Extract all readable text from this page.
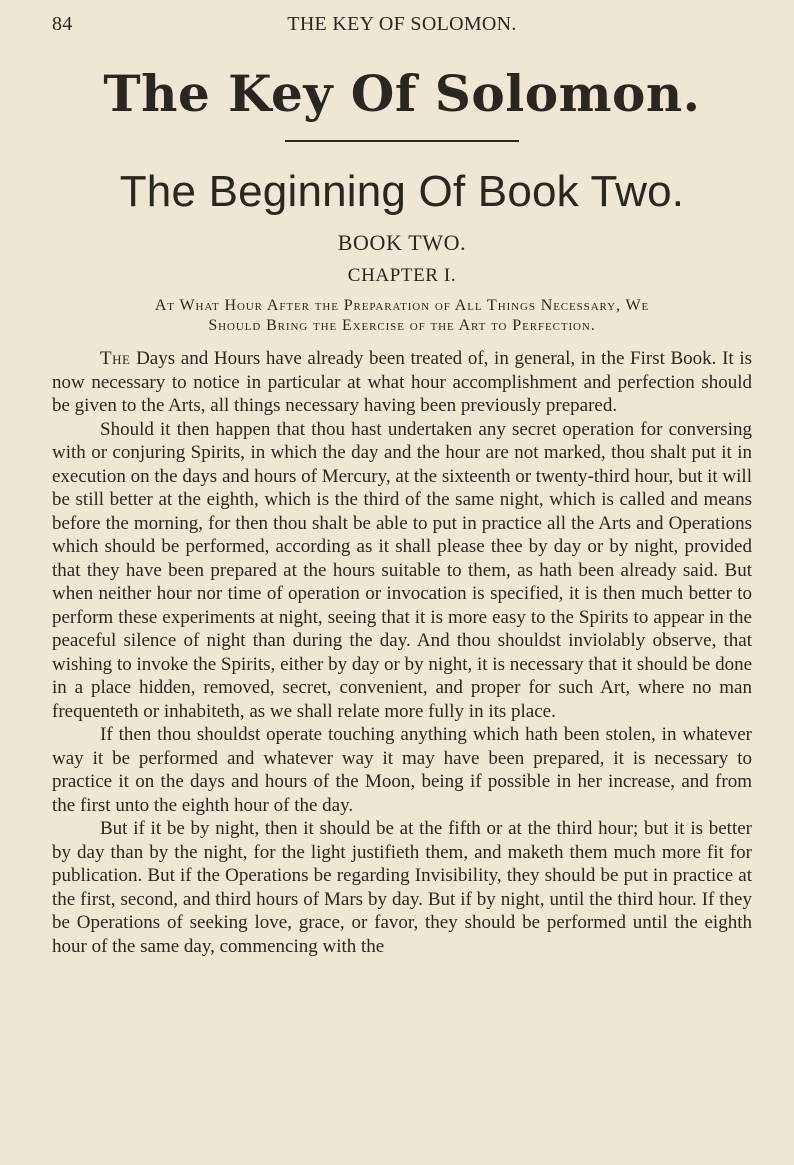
84	THE KEY OF SOLOMON.
The Key Of Solomon.
The Beginning Of Book Two.
BOOK TWO.
CHAPTER I.
At What Hour After the Preparation of All Things Necessary, We
Should Bring the Exercise of the Art to Perfection.

The Days and Hours have already been treated of, in general, in the First Book. It is now necessary to notice in particular at what hour accomplishment and perfection should be given to the Arts, all things necessary having been previously prepared.

Should it then happen that thou hast undertaken any secret operation for conversing with or conjuring Spirits, in which the day and the hour are not marked, thou shalt put it in execution on the days and hours of Mercury, at the sixteenth or twenty-third hour, but it will be still better at the eighth, which is the third of the same night, which is called and means before the morning, for then thou shalt be able to put in practice all the Arts and Operations which should be performed, according as it shall please thee by day or by night, provided that they have been prepared at the hours suitable to them, as hath been already said. But when neither hour nor time of operation or invocation is specified, it is then much better to perform these experiments at night, seeing that it is more easy to the Spirits to appear in the peaceful silence of night than during the day. And thou shouldst inviolably observe, that wishing to invoke the Spirits, either by day or by night, it is necessary that it should be done in a place hidden, removed, secret, convenient, and proper for such Art, where no man frequenteth or inhabiteth, as we shall relate more fully in its place.

If then thou shouldst operate touching anything which hath been stolen, in whatever way it be performed and whatever way it may have been prepared, it is necessary to practice it on the days and hours of the Moon, being if possible in her increase, and from the first unto the eighth hour of the day.

But if it be by night, then it should be at the fifth or at the third hour; but it is better by day than by the night, for the light justifieth them, and maketh them much more fit for publication. But if the Operations be regarding Invisibility, they should be put in practice at the first, second, and third hours of Mars by day. But if by night, until the third hour. If they be Operations of seeking love, grace, or favor, they should be performed until the eighth hour of the same day, commencing with the
